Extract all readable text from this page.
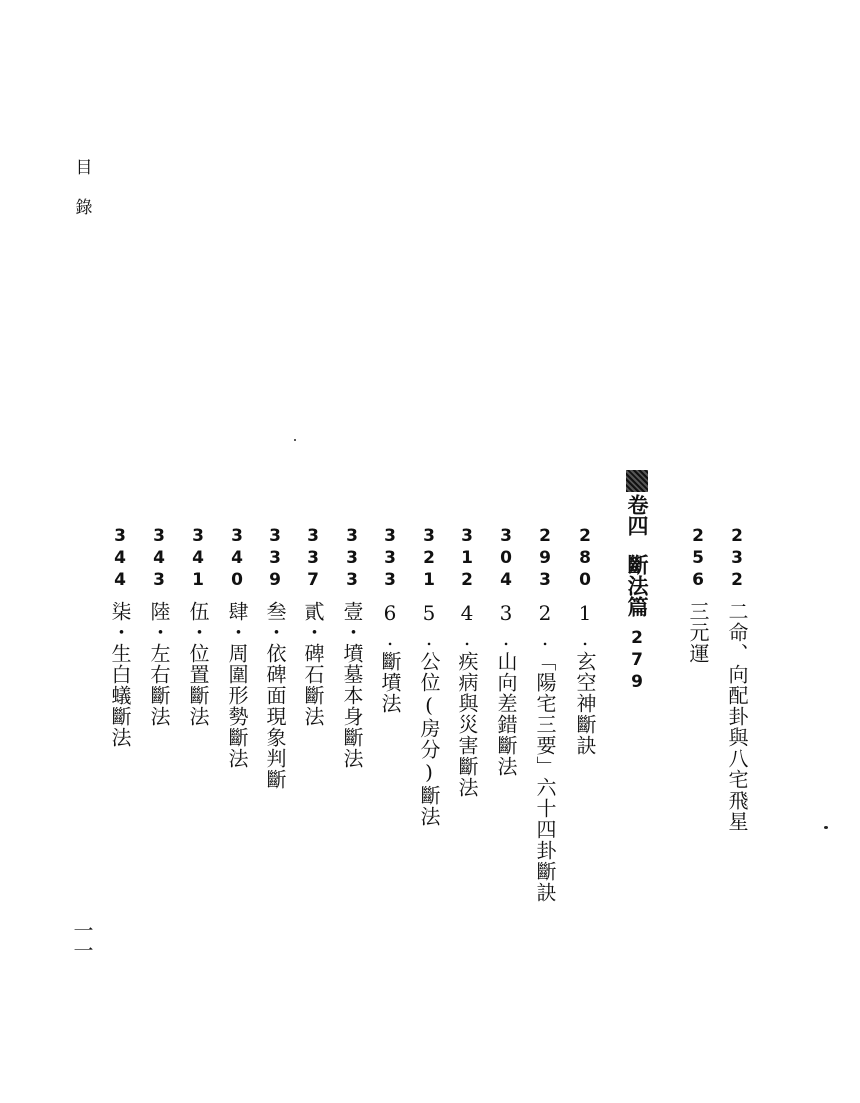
目
錄
卷四
斷法篇
2
7
9
2
3
2
二命、向配卦與八宅飛星
2
5
6
三元運
2
8
0
1.玄空神斷訣
2
9
3
2.「陽宅三要」六十四卦斷訣
3
0
4
3.山向差錯斷法
3
1
2
4.疾病與災害斷法
3
2
1
5.公位(房分)斷法
3
3
3
6.斷墳法
3
3
3
壹・墳墓本身斷法
3
3
7
貳・碑石斷法
3
3
9
叁・依碑面現象判斷
3
4
0
肆・周圍形勢斷法
3
4
1
伍・位置斷法
3
4
3
陸・左右斷法
3
4
4
柒・生白蟻斷法
一一
